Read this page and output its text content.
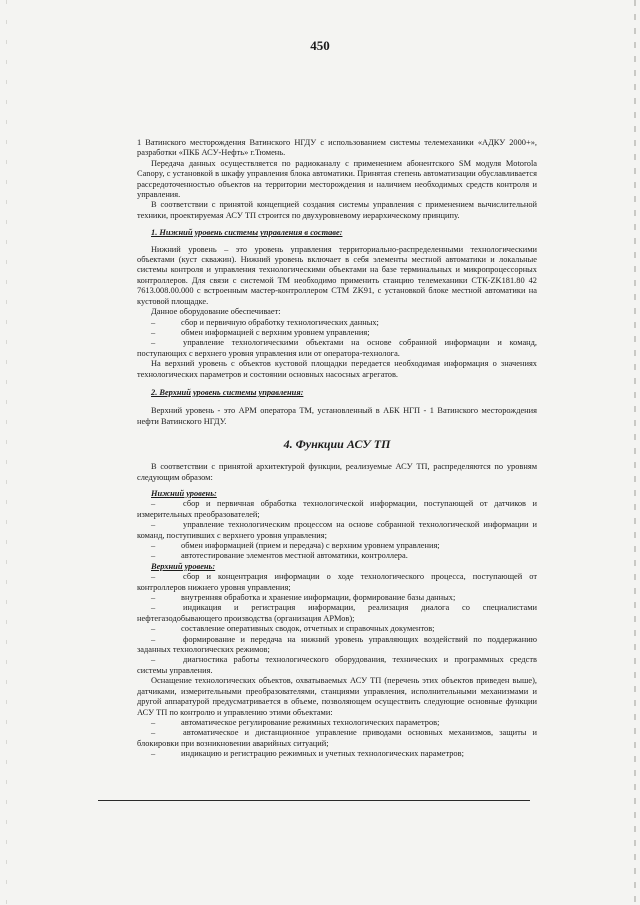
450

1 Ватинского месторождения Ватинского НГДУ с использованием системы телемеханики «АДКУ 2000+», разработки «ПКБ АСУ-Нефть» г.Тюмень.

Передача данных осуществляется по радиоканалу с применением абонентского SM модуля Motorola Canopy, с установкой в шкафу управления блока автоматики. Принятая степень автоматизации обуславливается рассредоточенностью объектов на территории месторождения и наличием необходимых средств контроля и управления.

В соответствии с принятой концепцией создания системы управления с применением вычислительной техники, проектируемая АСУ ТП строится по двухуровневому иерархическому принципу.

1. Нижний уровень системы управления в составе:

Нижний уровень – это уровень управления территориально-распределенными технологическими объектами (куст скважин). Нижний уровень включает в себя элементы местной автоматики и локальные системы контроля и управления технологическими объектами на базе терминальных и микропроцессорных контроллеров. Для связи с системой ТМ необходимо применить станцию телемеханики СТК-ZK181.80 42 7613.008.00.000 с встроенным мастер-контроллером СТМ ZK91, с установкой блоке местной автоматики на кустовой площадке.

Данное оборудование обеспечивает:

–	сбор и первичную обработку технологических данных;
–	обмен информацией с верхним уровнем управления;

–	управление технологическими объектами на основе собранной информации и команд, поступающих с верхнего уровня управления или от оператора-технолога.

На верхний уровень с объектов кустовой площадки передается необходимая информация о значениях технологических параметров и состоянии основных насосных агрегатов.

2. Верхний уровень системы управления:

Верхний уровень - это АРМ оператора ТМ, установленный в АБК НГП - 1 Ватинского месторождения нефти Ватинского НГДУ.

4. Функции АСУ ТП

В соответствии с принятой архитектурой функции, реализуемые АСУ ТП, распределяются по уровням следующим образом:

Нижний уровень:

–	сбор и первичная обработка технологической информации, поступающей от датчиков и измерительных преобразователей;

–	управление технологическим процессом на основе собранной технологической информации и команд, поступивших с верхнего уровня управления;

–	обмен информацией (прием и передача) с верхним уровнем управления;
–	автотестирование элементов местной автоматики, контроллера.

Верхний уровень:

–	сбор и концентрация информации о ходе технологического процесса, поступающей от контроллеров нижнего уровня управления;

–	внутренняя обработка и хранение информации, формирование базы данных;

–	индикация и регистрация информации, реализация диалога со специалистами нефтегазодобывающего производства (организация АРМов);

–	составление оперативных сводок, отчетных и справочных документов;

–	формирование и передача на нижний уровень управляющих воздействий по поддержанию заданных технологических режимов;

–	диагностика работы технологического оборудования, технических и программных средств системы управления.

Оснащение технологических объектов, охватываемых АСУ ТП (перечень этих объектов приведен выше), датчиками, измерительными преобразователями, станциями управления, исполнительными механизмами и другой аппаратурой предусматривается в объеме, позволяющем осуществить следующие основные функции АСУ ТП по контролю и управлению этими объектами:

–	автоматическое регулирование режимных технологических параметров;

–	автоматическое и дистанционное управление приводами основных механизмов, защиты и блокировки при возникновении аварийных ситуаций;

–	индикацию и регистрацию режимных и учетных технологических параметров;
